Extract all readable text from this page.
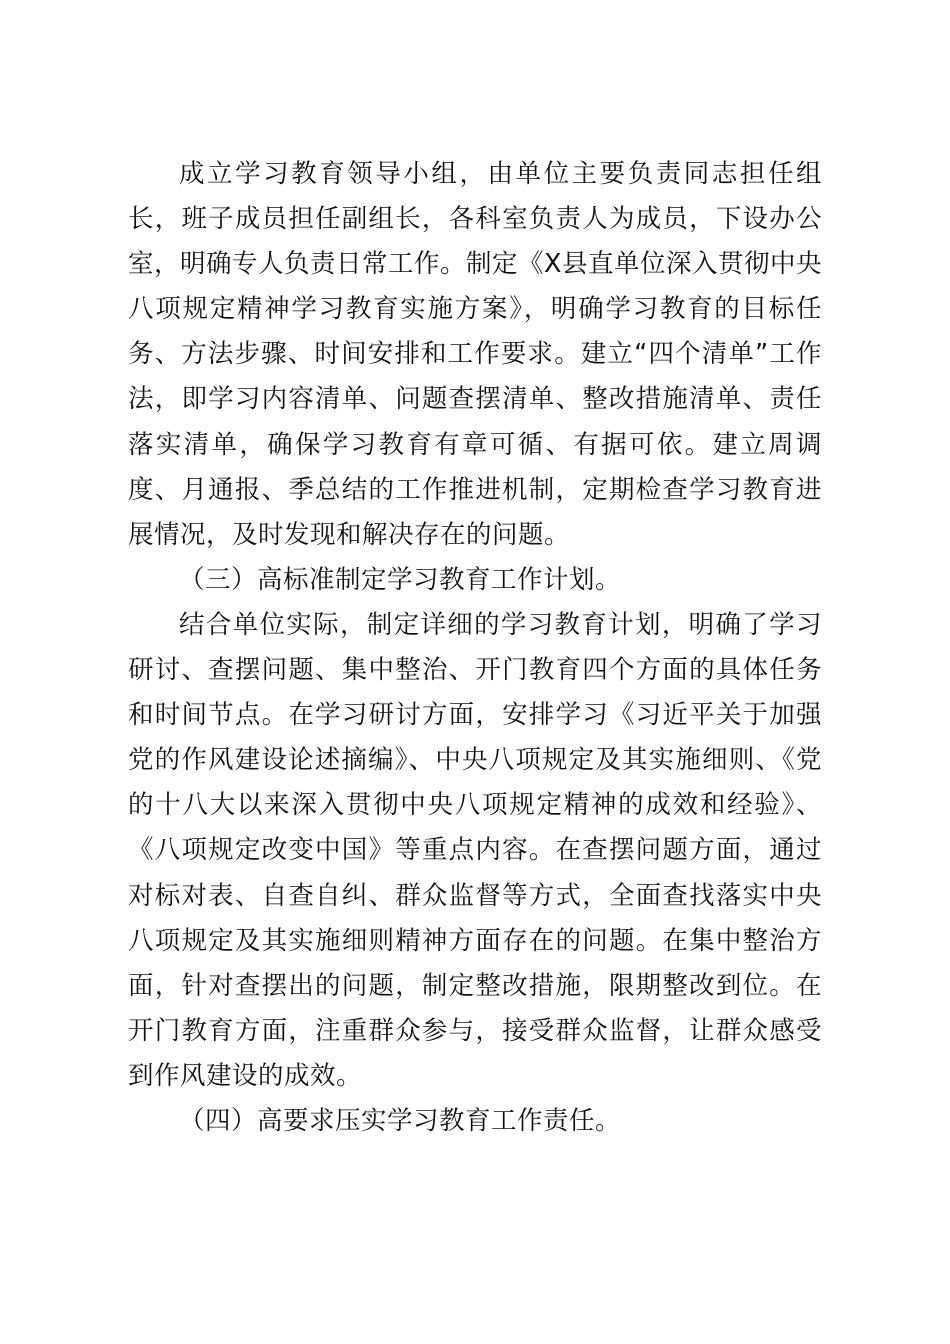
成立学习教育领导小组，由单位主要负责同志担任组长，班子成员担任副组长，各科室负责人为成员，下设办公室，明确专人负责日常工作。制定《X县直单位深入贯彻中央八项规定精神学习教育实施方案》，明确学习教育的目标任务、方法步骤、时间安排和工作要求。建立“四个清单”工作法，即学习内容清单、问题查摆清单、整改措施清单、责任落实清单，确保学习教育有章可循、有据可依。建立周调度、月通报、季总结的工作推进机制，定期检查学习教育进展情况，及时发现和解决存在的问题。

（三）高标准制定学习教育工作计划。

结合单位实际，制定详细的学习教育计划，明确了学习研讨、查摆问题、集中整治、开门教育四个方面的具体任务和时间节点。在学习研讨方面，安排学习《习近平关于加强党的作风建设论述摘编》、中央八项规定及其实施细则、《党的十八大以来深入贯彻中央八项规定精神的成效和经验》、《八项规定改变中国》等重点内容。在查摆问题方面，通过对标对表、自查自纠、群众监督等方式，全面查找落实中央八项规定及其实施细则精神方面存在的问题。在集中整治方面，针对查摆出的问题，制定整改措施，限期整改到位。在开门教育方面，注重群众参与，接受群众监督，让群众感受到作风建设的成效。

（四）高要求压实学习教育工作责任。
